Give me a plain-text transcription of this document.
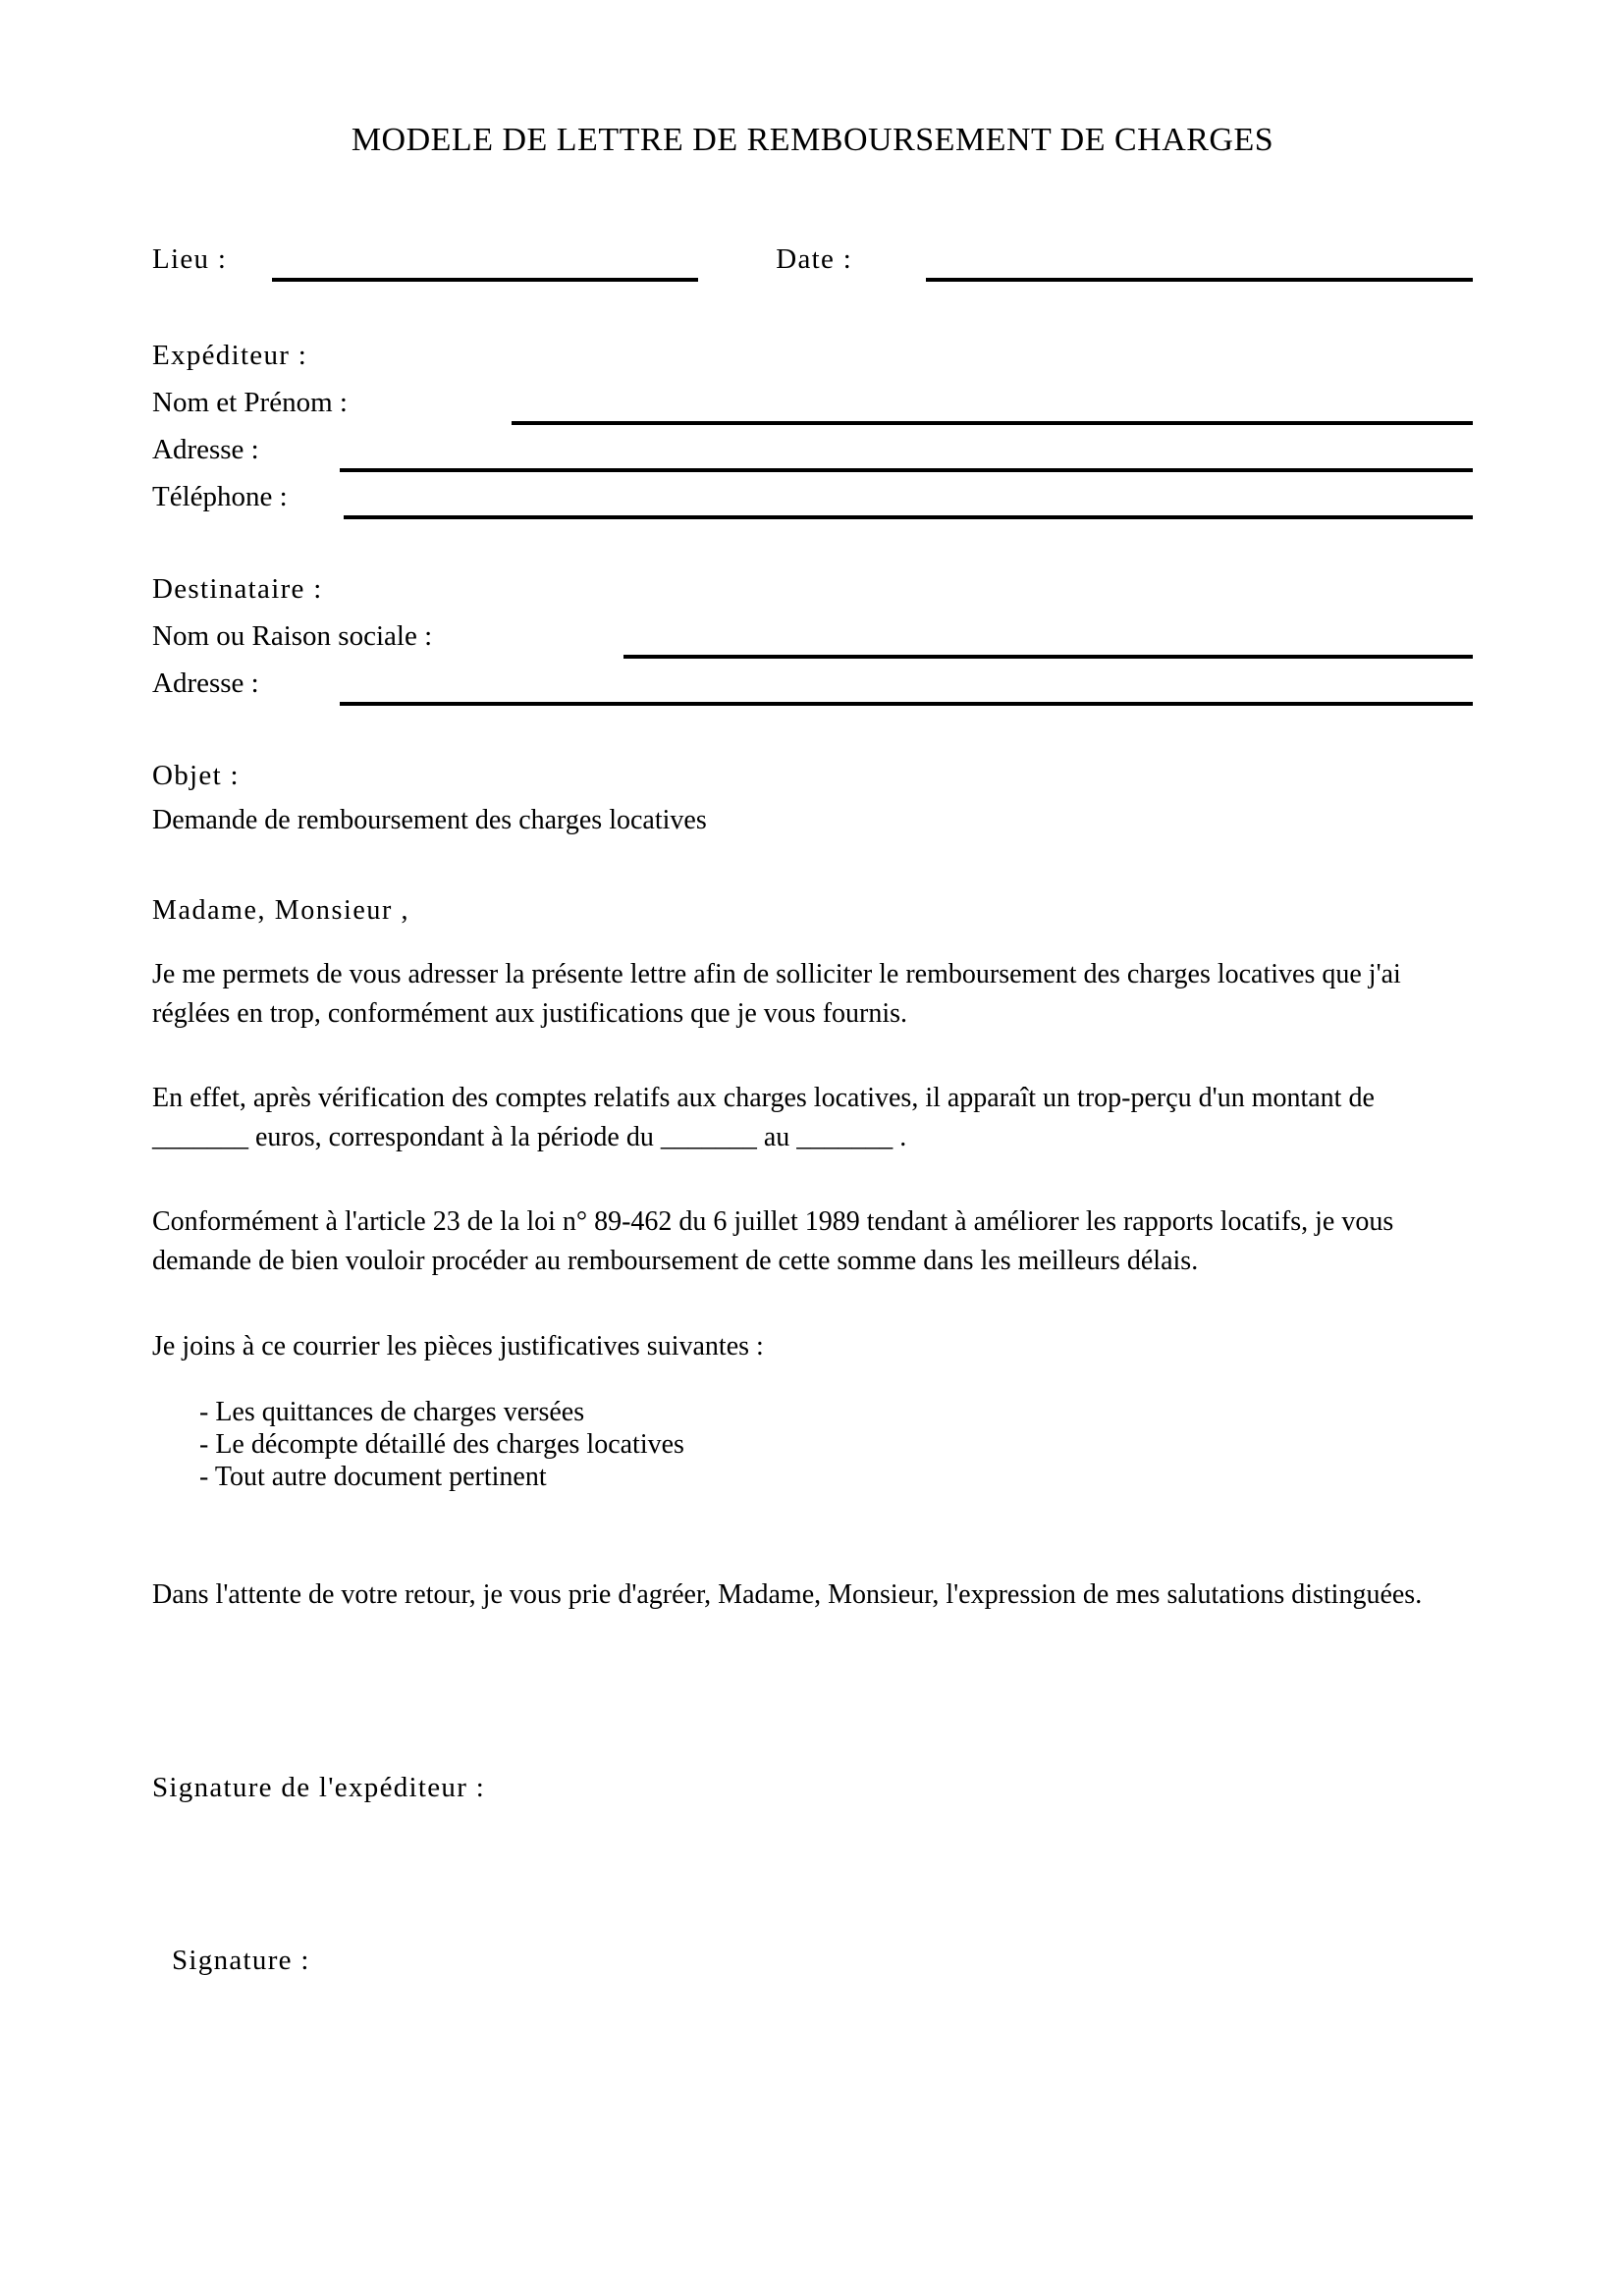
MODELE DE LETTRE DE REMBOURSEMENT DE CHARGES
Lieu :	Date :
Expéditeur :
Nom et Prénom :
Adresse :
Téléphone :
Destinataire :
Nom ou Raison sociale :
Adresse :
Objet :
Demande de remboursement des charges locatives
Madame, Monsieur ,

Je me permets de vous adresser la présente lettre afin de solliciter le remboursement des charges locatives que j'ai réglées en trop, conformément aux justifications que je vous fournis.

En effet, après vérification des comptes relatifs aux charges locatives, il apparaît un trop-perçu d'un montant de _______ euros, correspondant à la période du _______ au _______ .

Conformément à l'article 23 de la loi n° 89-462 du 6 juillet 1989 tendant à améliorer les rapports locatifs, je vous demande de bien vouloir procéder au remboursement de cette somme dans les meilleurs délais.

Je joins à ce courrier les pièces justificatives suivantes :

- Les quittances de charges versées
- Le décompte détaillé des charges locatives
- Tout autre document pertinent

Dans l'attente de votre retour, je vous prie d'agréer, Madame, Monsieur, l'expression de mes salutations distinguées.

Signature de l'expéditeur :
Signature :
